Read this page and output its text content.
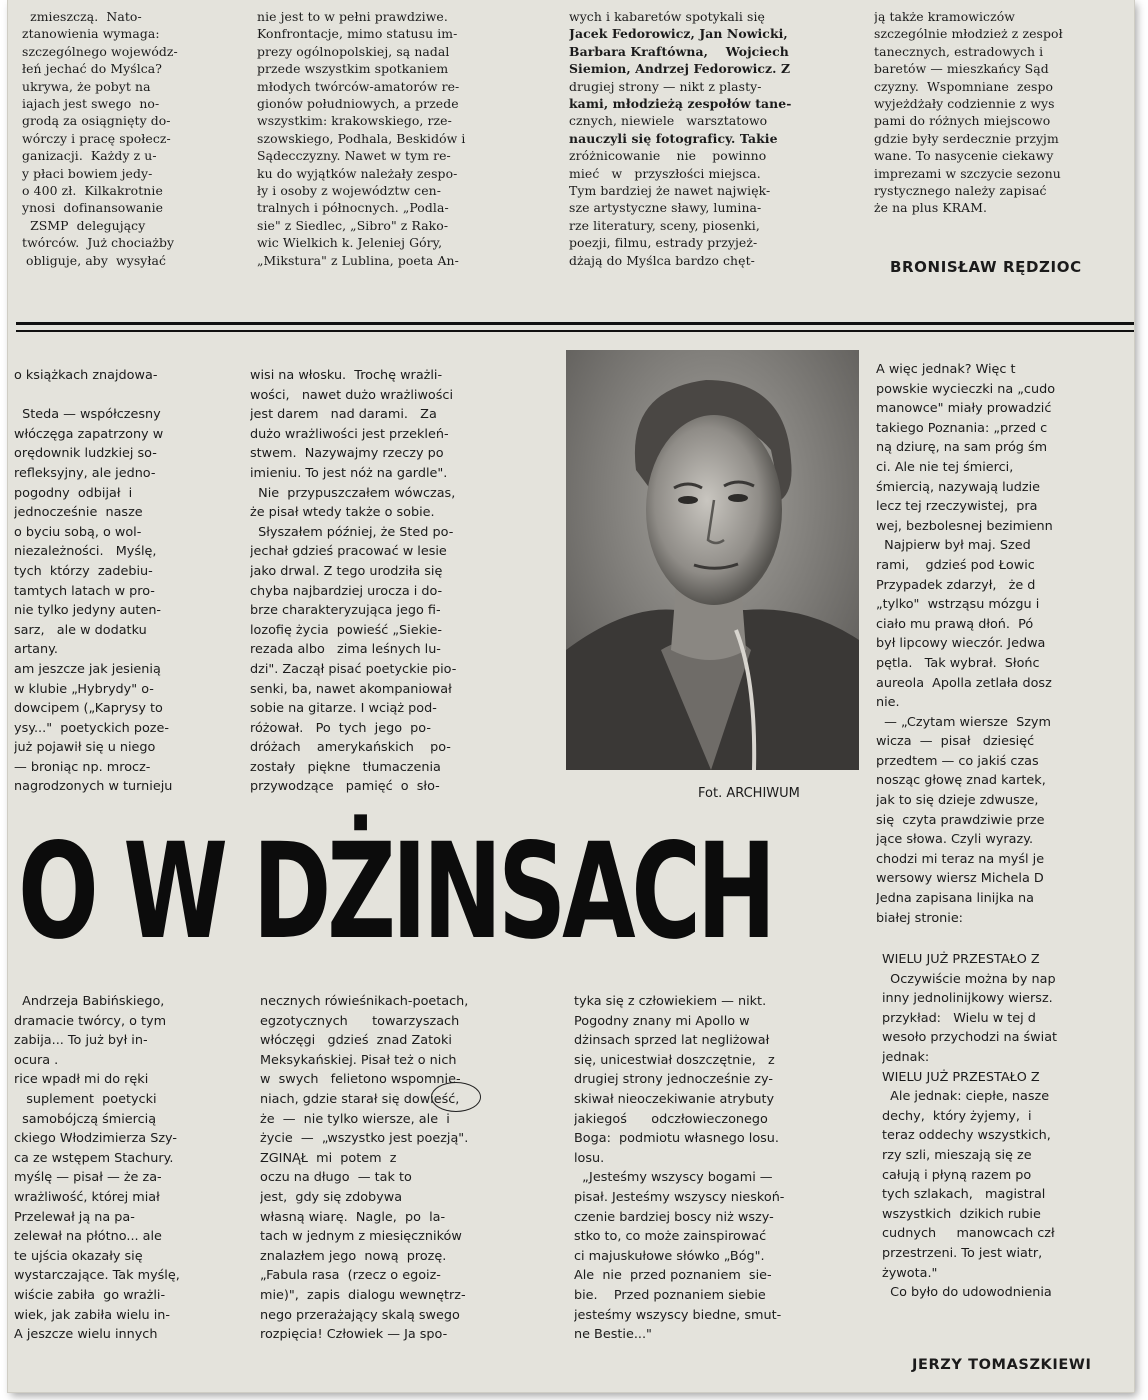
zmieszczą.  Nato-

ztanowienia wymaga:

szczególnego wojewódz-

łeń jechać do Myślca?

ukrywa, że pobyt na

iajach jest swego  no-

grodą za osiągnięty do-

wórczy i pracę społecz-

ganizacji.  Każdy z u-

y płaci bowiem jedy-

o 400 zł.  Kilkakrotnie

ynosi  dofinansowanie

ZSMP  delegujący

twórców.  Już chociażby

obliguje, aby  wysyłać

nie jest to w pełni prawdziwe.

Konfrontacje, mimo statusu im-

prezy ogólnopolskiej, są nadal

przede wszystkim spotkaniem

młodych twórców-amatorów re-

gionów południowych, a przede

wszystkim: krakowskiego, rze-

szowskiego, Podhala, Beskidów i

Sądecczyzny. Nawet w tym re-

ku do wyjątków należały zespo-

ły i osoby z województw cen-

tralnych i północnych. „Podla-

sie" z Siedlec, „Sibro" z Rako-

wic Wielkich k. Jeleniej Góry,

„Mikstura" z Lublina, poeta An-

wych i kabaretów spotykali się

Jacek Fedorowicz, Jan Nowicki,

Barbara Kraftówna,    Wojciech

Siemion, Andrzej Fedorowicz. Z

drugiej strony — nikt z plasty-

kami, młodzieżą zespołów tane-

cznych, niewiele   warsztatowo

nauczyli się fotograficy. Takie

zróżnicowanie    nie    powinno

mieć   w   przyszłości miejsca.

Tym bardziej że nawet najwięk-

sze artystyczne sławy, lumina-

rze literatury, sceny, piosenki,

poezji, filmu, estrady przyjeż-

dżają do Myślca bardzo chęt-

ją także kramowiczów

szczególnie młodzież z zespoł

tanecznych, estradowych i

baretów — mieszkańcy Sąd

czyzny.  Wspomniane  zespo

wyjeżdżały codziennie z wys

pami do różnych miejscowo

gdzie były serdecznie przyjm

wane. To nasycenie ciekawy

imprezami w szczycie sezonu

rystycznego należy zapisać

że na plus KRAM.

BRONISŁAW RĘDZIOC

o książkach znajdowa-

Steda — współczesny

włóczęga zapatrzony w

orędownik ludzkiej so-

refleksyjny, ale jedno-

pogodny  odbijał  i

jednocześnie  nasze

o byciu sobą, o wol-

niezależności.   Myślę,

tych  którzy  zadebiu-

tamtych latach w pro-

nie tylko jedyny auten-

sarz,   ale w dodatku

artany.

am jeszcze jak jesienią

w klubie „Hybrydy" o-

dowcipem („Kaprysy to

ysy..."  poetyckich poze-

już pojawił się u niego

— broniąc np. mrocz-

nagrodzonych w turnieju

wisi na włosku.  Trochę wrażli-

wości,   nawet dużo wrażliwości

jest darem   nad darami.   Za

dużo wrażliwości jest przekleń-

stwem.  Nazywajmy rzeczy po

imieniu. To jest nóż na gardle".

Nie  przypuszczałem wówczas,

że pisał wtedy także o sobie.

Słyszałem później, że Sted po-

jechał gdzieś pracować w lesie

jako drwal. Z tego urodziła się

chyba najbardziej urocza i do-

brze charakteryzująca jego fi-

lozofię życia  powieść „Siekie-

rezada albo   zima leśnych lu-

dzi". Zaczął pisać poetyckie pio-

senki, ba, nawet akompaniował

sobie na gitarze. I wciąż pod-

różował.   Po  tych  jego  po-

dróżach    amerykańskich    po-

zostały   piękne   tłumaczenia

przywodzące   pamięć  o  sło-	Fot. ARCHIWUM

A więc jednak? Więc t

powskie wycieczki na „cudo

manowce" miały prowadzić

takiego Poznania: „przed c

ną dziurę, na sam próg śm

ci. Ale nie tej śmierci,

śmiercią, nazywają ludzie

lecz tej rzeczywistej,  pra

wej, bezbolesnej bezimienn

Najpierw był maj. Szed

rami,    gdzieś pod Łowic

Przypadek zdarzył,   że d

„tylko"  wstrząsu mózgu i

ciało mu prawą dłoń.  Pó

był lipcowy wieczór. Jedwa

pętla.   Tak wybrał.  Słońc

aureola  Apolla zetlała dosz

nie.

— „Czytam wiersze  Szym

wicza  —  pisał   dziesięć

przedtem — co jakiś czas

nosząc głowę znad kartek,

jak to się dzieje zdwusze,

się  czyta prawdziwie prze

jące słowa. Czyli wyrazy.

chodzi mi teraz na myśl je

wersowy wiersz Michela D

Jedna zapisana linijka na

białej stronie:

O W DŻINSACH

Andrzeja Babińskiego,

dramacie twórcy, o tym

zabija... To już był in-

ocura .

rice wpadł mi do ręki

suplement  poetycki

samobójczą śmiercią

ckiego Włodzimierza Szy-

ca ze wstępem Stachury.

myślę — pisał — że za-

wrażliwość, której miał

Przelewał ją na pa-

zelewał na płótno... ale

te ujścia okazały się

wystarczające. Tak myślę,

wiście zabiła  go wrażli-

wiek, jak zabiła wielu in-

A jeszcze wielu innych

necznych rówieśnikach-poetach,

egzotycznych      towarzyszach

włóczęgi   gdzieś  znad Zatoki

Meksykańskiej. Pisał też o nich

w  swych   felietono wspomnie-

niach, gdzie starał się dowieść,

że  —  nie tylko wiersze, ale  i

życie  —  „wszystko jest poezją".

ZGINĄŁ  mi  potem  z

oczu na długo  — tak to

jest,  gdy się zdobywa

własną wiarę.  Nagle,  po  la-

tach w jednym z miesięczników

znalazłem jego  nową  prozę.

„Fabula rasa  (rzecz o egoiz-

mie)",  zapis  dialogu wewnętrz-

nego przerażający skalą swego

rozpięcia! Człowiek — Ja spo-

tyka się z człowiekiem — nikt.

Pogodny znany mi Apollo w

dżinsach sprzed lat negliżował

się, unicestwiał doszczętnie,   z

drugiej strony jednocześnie zy-

skiwał nieoczekiwanie atrybuty

jakiegoś      odczłowieczonego

Boga:  podmiotu własnego losu.

losu.

„Jesteśmy wszyscy bogami —

pisał. Jesteśmy wszyscy nieskoń-

czenie bardziej boscy niż wszy-

stko to, co może zainspirować

ci majuskułowe słówko „Bóg".

Ale  nie  przed poznaniem  sie-

bie.    Przed poznaniem siebie

jesteśmy wszyscy biedne, smut-

ne Bestie..."

WIELU JUŻ PRZESTAŁO Z

Oczywiście można by nap

inny jednolinijkowy wiersz.

przykład:   Wielu w tej d

wesoło przychodzi na świat

jednak:

WIELU JUŻ PRZESTAŁO Z

Ale jednak: ciepłe, nasze

dechy,  który żyjemy,  i

teraz oddechy wszystkich,

rzy szli, mieszają się ze

całują i płyną razem po

tych szlakach,   magistral

wszystkich  dzikich rubie

cudnych     manowcach czł

przestrzeni. To jest wiatr,

żywota."

Co było do udowodnienia

JERZY TOMASZKIEWI
